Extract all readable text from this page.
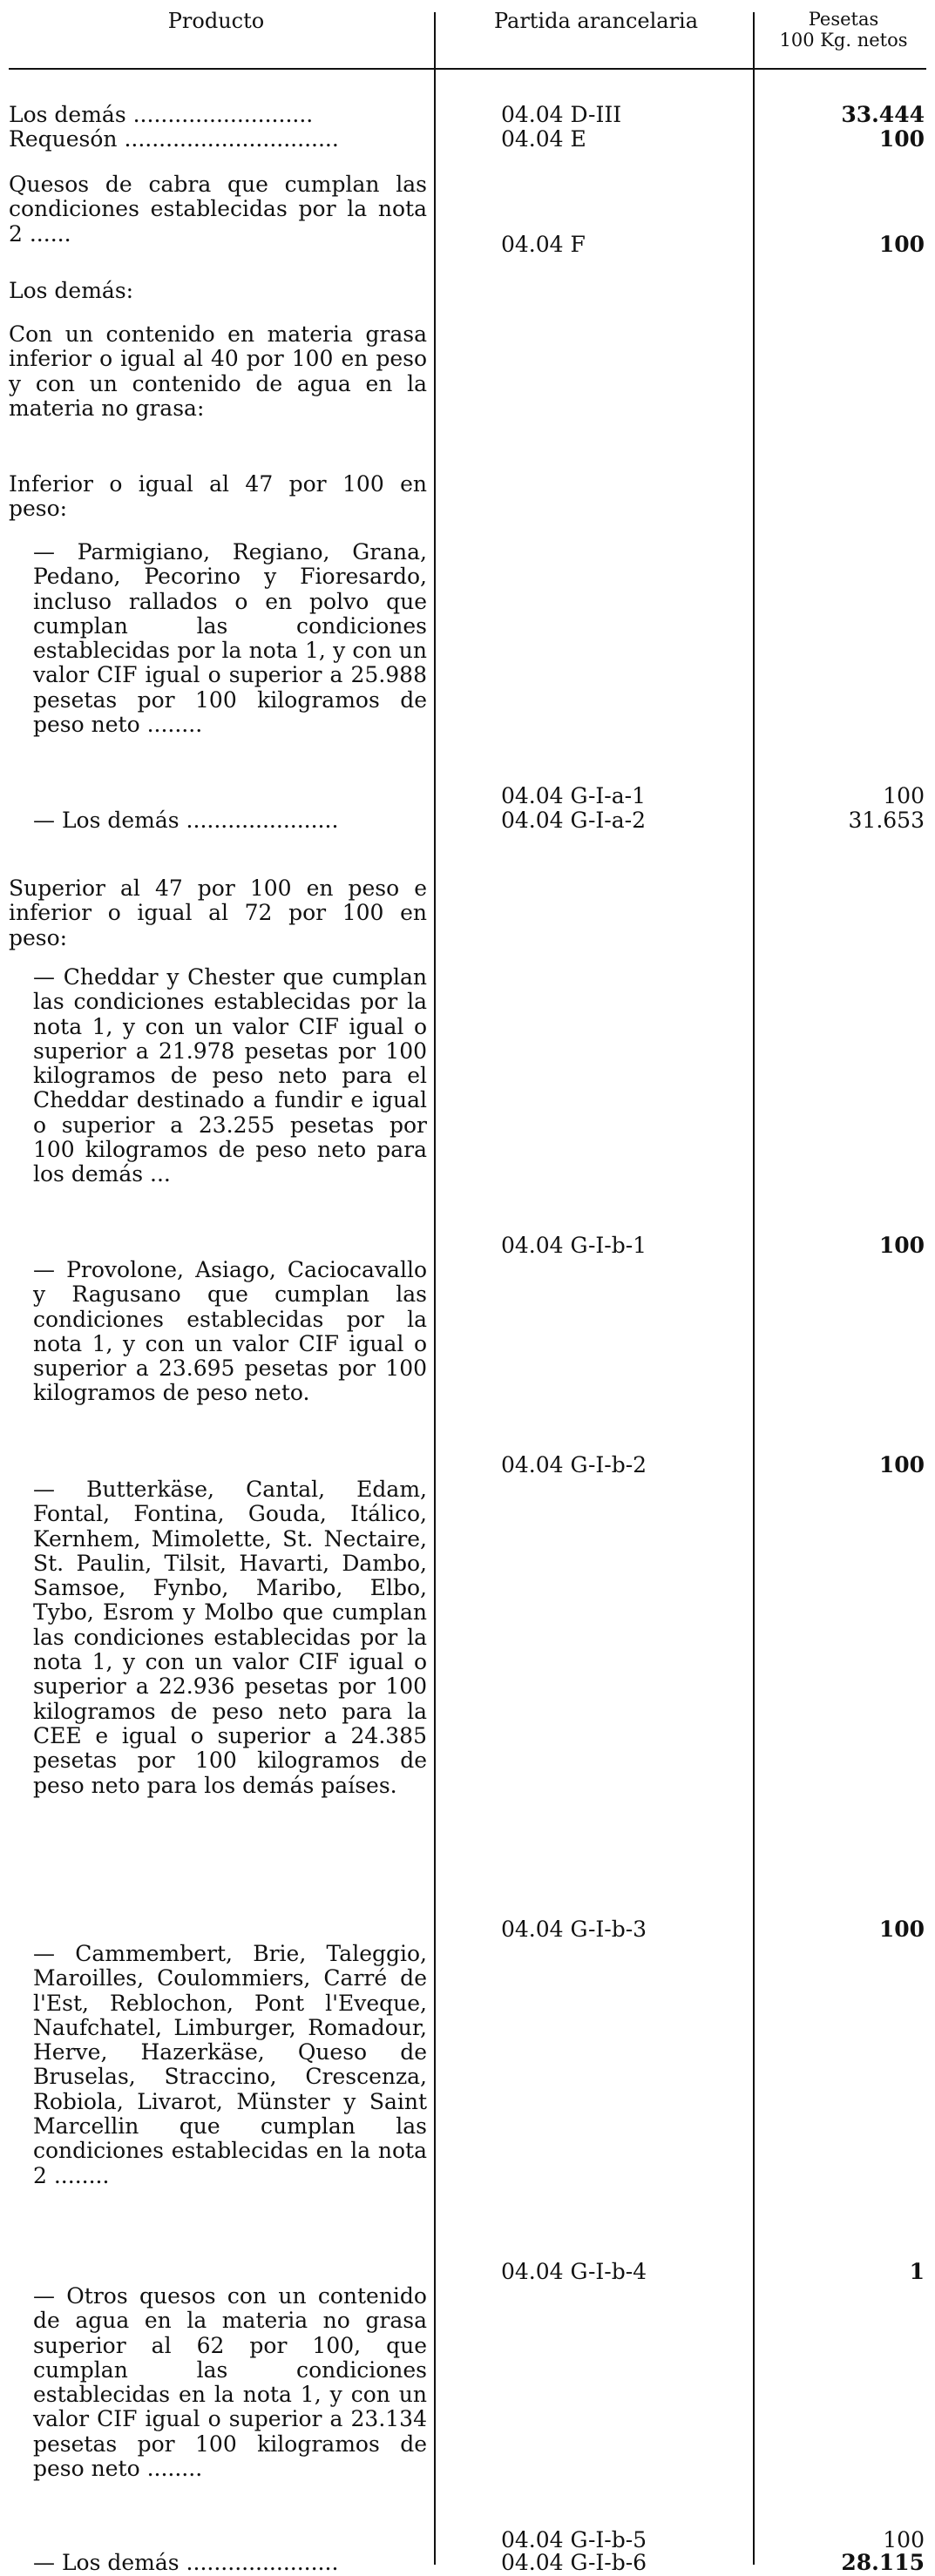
Producto	Partida arancelaria	Pesetas
100 Kg. netos
Los demás ..........................	04.04 D-III	33.444
Requesón ...............................	04.04 E	100
Quesos de cabra que cumplan las condiciones establecidas por la nota 2 ......	04.04 F	100
Los demás:
Con un contenido en materia grasa inferior o igual al 40 por 100 en peso y con un contenido de agua en la materia no grasa:
Inferior o igual al 47 por 100 en peso:
— Parmigiano, Regiano, Grana, Pedano, Pecorino y Fioresardo, incluso rallados o en polvo que cumplan las condiciones establecidas por la nota 1, y con un valor CIF igual o superior a 25.988 pesetas por 100 kilogramos de peso neto ........
04.04 G-I-a-1	100
— Los demás ......................	04.04 G-I-a-2	31.653
Superior al 47 por 100 en peso e inferior o igual al 72 por 100 en peso:
— Cheddar y Chester que cumplan las condiciones establecidas por la nota 1, y con un valor CIF igual o superior a 21.978 pesetas por 100 kilogramos de peso neto para el Cheddar destinado a fundir e igual o superior a 23.255 pesetas por 100 kilogramos de peso neto para los demás ...
04.04 G-I-b-1	100
— Provolone, Asiago, Caciocavallo y Ragusano que cumplan las condiciones establecidas por la nota 1, y con un valor CIF igual o superior a 23.695 pesetas por 100 kilogramos de peso neto.
04.04 G-I-b-2	100
— Butterkäse, Cantal, Edam, Fontal, Fontina, Gouda, Itálico, Kernhem, Mimolette, St. Nectaire, St. Paulin, Tilsit, Havarti, Dambo, Samsoe, Fynbo, Maribo, Elbo, Tybo, Esrom y Molbo que cumplan las condiciones establecidas por la nota 1, y con un valor CIF igual o superior a 22.936 pesetas por 100 kilogramos de peso neto para la CEE e igual o superior a 24.385 pesetas por 100 kilogramos de peso neto para los demás países.
04.04 G-I-b-3	100
— Cammembert, Brie, Taleggio, Maroilles, Coulommiers, Carré de l'Est, Reblochon, Pont l'Eveque, Naufchatel, Limburger, Romadour, Herve, Hazerkäse, Queso de Bruselas, Straccino, Crescenza, Robiola, Livarot, Münster y Saint Marcellin que cumplan las condiciones establecidas en la nota 2 ........
04.04 G-I-b-4	1
— Otros quesos con un contenido de agua en la materia no grasa superior al 62 por 100, que cumplan las condiciones establecidas en la nota 1, y con un valor CIF igual o superior a 23.134 pesetas por 100 kilogramos de peso neto ........
04.04 G-I-b-5	100
— Los demás ......................	04.04 G-I-b-6	28.115
